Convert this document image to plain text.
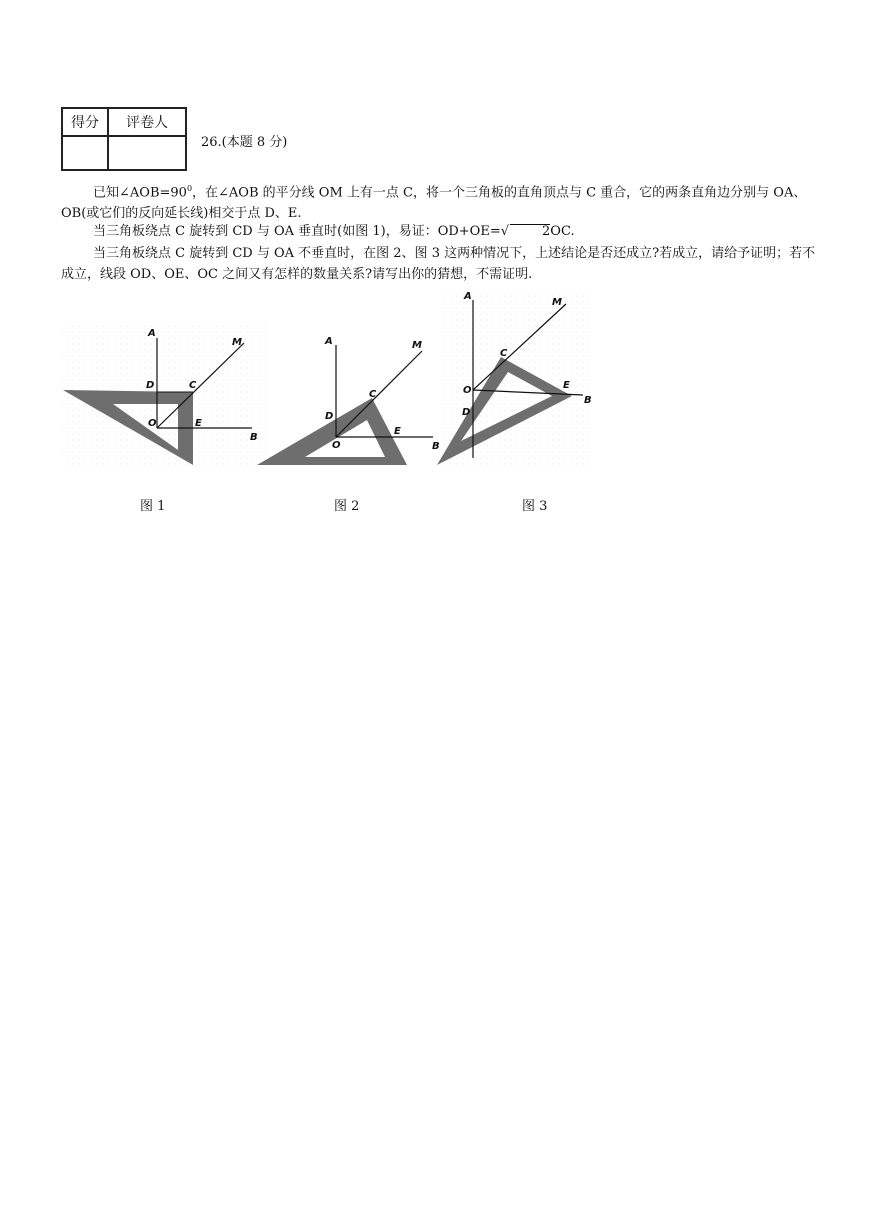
得分	评卷人

26.(本题 8 分)
已知$\angle AOB=90^0$，在∠AOB 的平分线 OM 上有一点 C，将一个三角板的直角顶点与 C 重合，它的两条直角边分别与 OA、OB(或它们的反向延长线)相交于点 D、E.
当三角板绕点 C 旋转到 CD 与 OA 垂直时(如图 1)，易证：OD+OE=√	2OC.
当三角板绕点 C 旋转到 CD 与 OA 不垂直时，在图 2、图 3 这两种情况下，上述结论是否还成立?若成立，请给予证明；若不成立，线段 OD、OE、OC 之间又有怎样的数量关系?请写出你的猜想，不需证明.
A
M
D	C
O	E
B
A	M
D
C
O
E
B
A
M
C
O	E
D
B
图 1	图 2	图 3
